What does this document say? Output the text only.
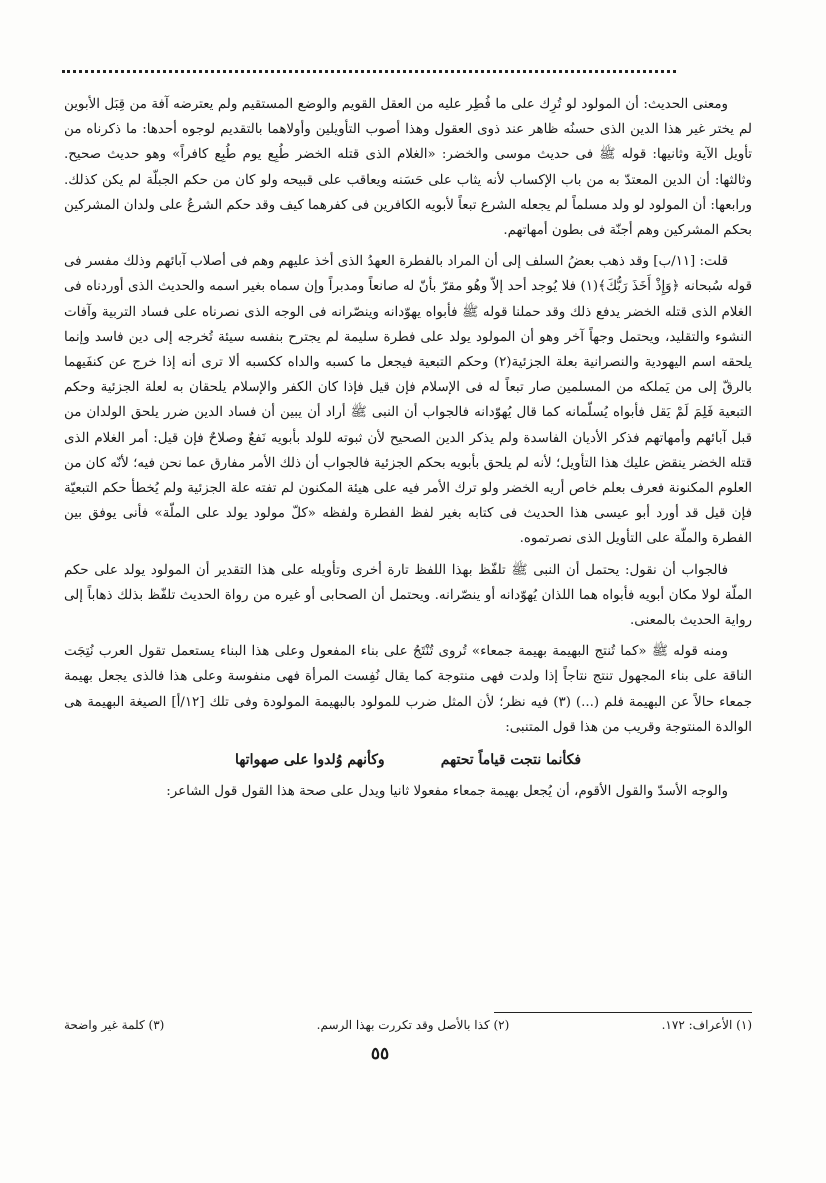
ومعنى الحديث: أن المولود لو تُرِك على ما فُطِر عليه من العقل القويم والوضع المستقيم ولم يعترضه آفة من قِبَل الأبوين لم يختر غير هذا الدين الذى حسنُه ظاهر عند ذوى العقول وهذا أصوب التأويلين وأولاهما بالتقديم لوجوه أحدها: ما ذكرناه من تأويل الآية وثانيها: قوله ﷺ فى حديث موسى والخضر: «الغلام الذى قتله الخضر طُبِع يوم طُبِع كافراً» وهو حديث صحيح. وثالثها: أن الدين المعتدّ به من باب الإكساب لأنه يثاب على حَسَنه ويعاقب على قبيحه ولو كان من حكم الجبلّة لم يكن كذلك. ورابعها: أن المولود لو ولد مسلماً لم يجعله الشرع تبعاً لأبويه الكافرين فى كفرهما كيف وقد حكم الشرعُ على ولدان المشركين بحكم المشركين وهم أجنّة فى بطون أمهاتهم.

قلت: [١١/ب] وقد ذهب بعضُ السلف إلى أن المراد بالفطرة العهدُ الذى أخذ عليهم وهم فى أصلاب آبائهم وذلك مفسر فى قوله سُبحانه ﴿وَإِذْ أَخَذَ رَبُّكَ﴾(١) فلا يُوجد أحد إلاّ وهُو مقرّ بأنّ له صانعاً ومدبراً وإن سماه بغير اسمه والحديث الذى أوردناه فى الغلام الذى قتله الخضر يدفع ذلك وقد حملنا قوله ﷺ فأبواه يهوّدانه وينصّرانه فى الوجه الذى نصرناه على فساد التربية وآفات النشوء والتقليد، ويحتمل وجهاً آخر وهو أن المولود يولد على فطرة سليمة لم يجترح بنفسه سيئة تُخرجه إلى دين فاسد وإنما يلحقه اسم اليهودية والنصرانية بعلة الجزئية(٢) وحكم التبعية فيجعل ما كسبه والداه ككسبه ألا ترى أنه إذا خرج عن كنفَيهما بالرقّ إلى من يَملكه من المسلمين صار تبعاً له فى الإسلام فإن قيل فإذا كان الكفر والإسلام يلحقان به لعلة الجزئية وحكم التبعية فَلِمَ لَمْ يَقل فأبواه يُسلّمانه كما قال يُهوّدانه فالجواب أن النبى ﷺ أراد أن يبين أن فساد الدين ضرر يلحق الولدان من قبل آبائهم وأمهاتهم فذكر الأديان الفاسدة ولم يذكر الدين الصحيح لأن ثبوته للولد بأبويه نَفعٌ وصلاحٌ فإن قيل: أمر الغلام الذى قتله الخضر ينقض عليك هذا التأويل؛ لأنه لم يلحق بأبويه بحكم الجزئية فالجواب أن ذلك الأمر مفارق عما نحن فيه؛ لأنّه كان من العلوم المكنونة فعرف بعلم خاص أريه الخضر ولو ترك الأمر فيه على هيئة المكنون لم تفته علة الجزئية ولم يُخطأ حكم التبعيّة فإن قيل قد أورد أبو عيسى هذا الحديث فى كتابه بغير لفظ الفطرة ولفظه «كلّ مولود يولد على الملّة» فأنى يوفق بين الفطرة والملّة على التأويل الذى نصرتموه.

فالجواب أن نقول: يحتمل أن النبى ﷺ تلفّظ بهذا اللفظ تارة أخرى وتأويله على هذا التقدير أن المولود يولد على حكم الملّة لولا مكان أبويه فأبواه هما اللذان يُهوّدانه أو ينصّرانه. ويحتمل أن الصحابى أو غيره من رواة الحديث تلفّظ بذلك ذهاباً إلى رواية الحديث بالمعنى.

ومنه قوله ﷺ «كما تُنتج البهيمة بهيمة جمعاء» تُروى تُنْتَجُ على بناء المفعول وعلى هذا البناء يستعمل تقول العرب نُتِجَت الناقة على بناء المجهول تنتج نتاجاً إذا ولدت فهى منتوجة كما يقال نُفِست المرأة فهى منفوسة وعلى هذا فالذى يجعل بهيمة جمعاء حالاً عن البهيمة فلم (...) (٣) فيه نظر؛ لأن المثل ضرب للمولود بالبهيمة المولودة وفى تلك [١٢/أ] الصيغة البهيمة هى الوالدة المنتوجة وقريب من هذا قول المتنبى:

فكأنما نتجت قياماً تحتهم
وكأنهم وُلدوا على صهواتها

والوجه الأسدّ والقول الأقوم، أن يُجعل بهيمة جمعاء مفعولا ثانيا ويدل على صحة هذا القول قول الشاعر:

(١) الأعراف: ١٧٢.
(٢) كذا بالأصل وقد تكررت بهذا الرسم.
(٣) كلمة غير واضحة
٥٥
